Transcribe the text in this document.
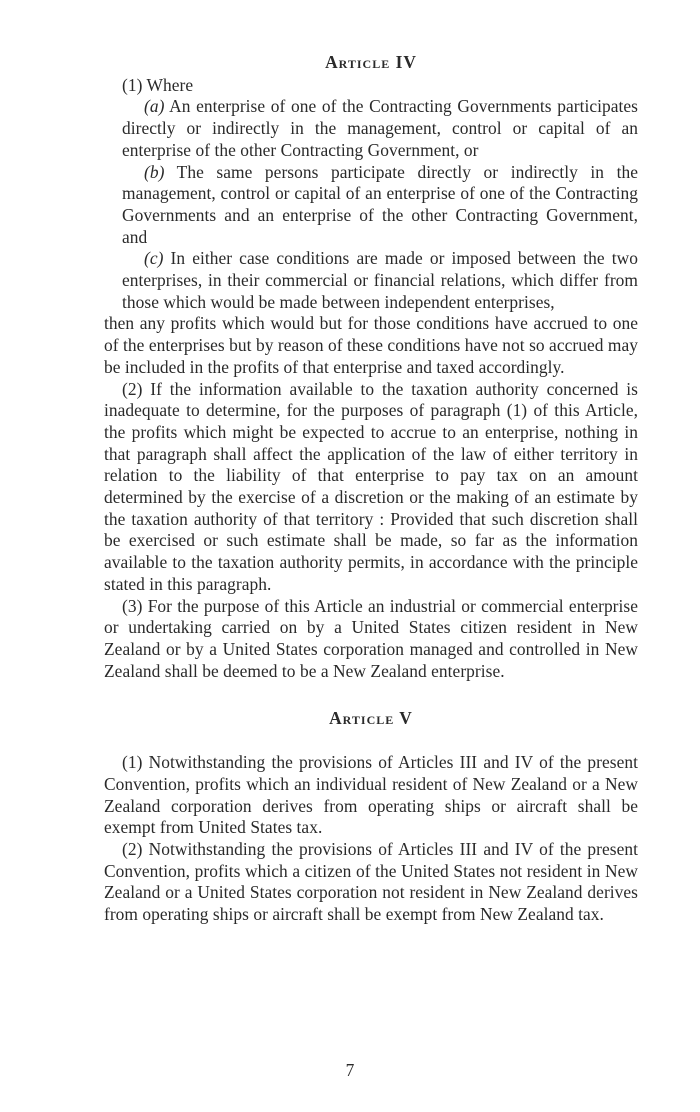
Article IV

(1) Where

(a) An enterprise of one of the Contracting Governments participates directly or indirectly in the management, control or capital of an enterprise of the other Contracting Government, or

(b) The same persons participate directly or indirectly in the management, control or capital of an enterprise of one of the Contracting Governments and an enterprise of the other Contracting Government, and

(c) In either case conditions are made or imposed between the two enterprises, in their commercial or financial relations, which differ from those which would be made between independent enterprises,

then any profits which would but for those conditions have accrued to one of the enterprises but by reason of these conditions have not so accrued may be included in the profits of that enterprise and taxed accordingly.

(2) If the information available to the taxation authority concerned is inadequate to determine, for the purposes of paragraph (1) of this Article, the profits which might be expected to accrue to an enterprise, nothing in that paragraph shall affect the application of the law of either territory in relation to the liability of that enterprise to pay tax on an amount determined by the exercise of a discretion or the making of an estimate by the taxation authority of that territory : Provided that such discretion shall be exercised or such estimate shall be made, so far as the information available to the taxation authority permits, in accordance with the principle stated in this paragraph.

(3) For the purpose of this Article an industrial or commercial enterprise or undertaking carried on by a United States citizen resident in New Zealand or by a United States corporation managed and controlled in New Zealand shall be deemed to be a New Zealand enterprise.

Article V

(1) Notwithstanding the provisions of Articles III and IV of the present Convention, profits which an individual resident of New Zealand or a New Zealand corporation derives from operating ships or aircraft shall be exempt from United States tax.

(2) Notwithstanding the provisions of Articles III and IV of the present Convention, profits which a citizen of the United States not resident in New Zealand or a United States corporation not resident in New Zealand derives from operating ships or aircraft shall be exempt from New Zealand tax.

7
